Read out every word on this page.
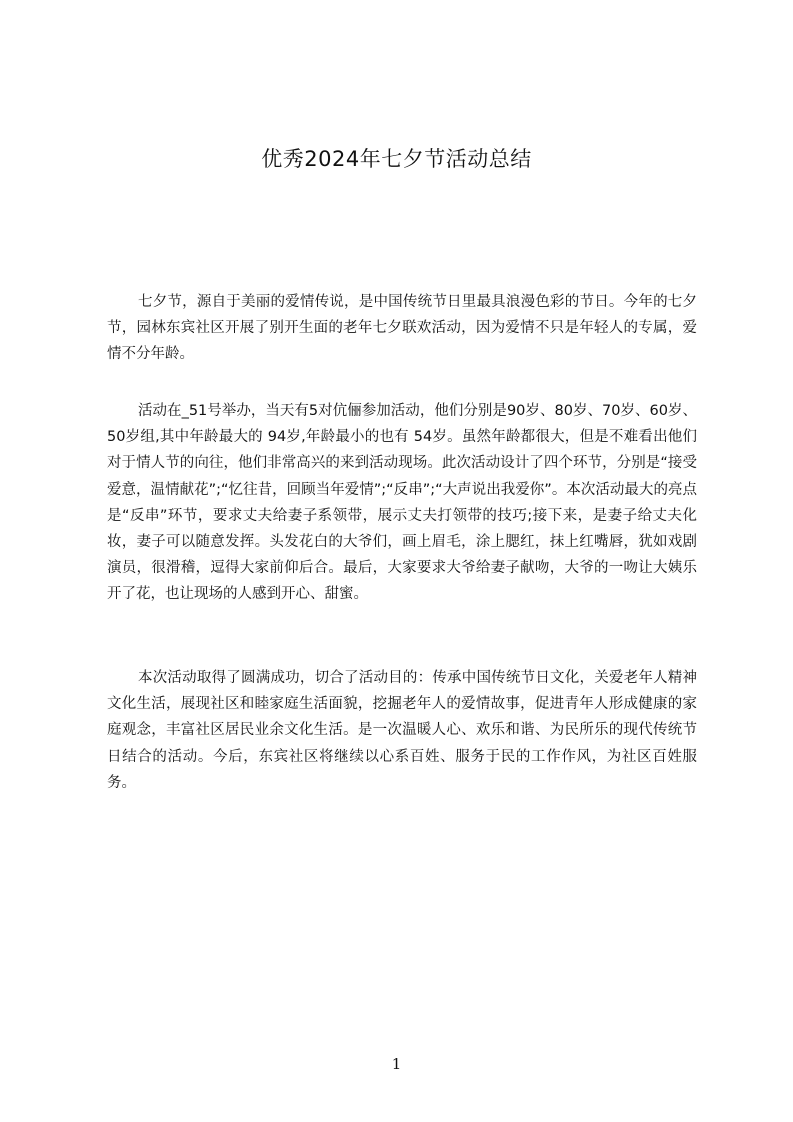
优秀2024年七夕节活动总结

七夕节，源自于美丽的爱情传说，是中国传统节日里最具浪漫色彩的节日。今年的七夕节，园林东宾社区开展了别开生面的老年七夕联欢活动，因为爱情不只是年轻人的专属，爱情不分年龄。

活动在_51号举办，当天有5对伉俪参加活动，他们分别是90岁、80岁、70岁、60岁、50岁组,其中年龄最大的 94岁,年龄最小的也有 54岁。虽然年龄都很大，但是不难看出他们对于情人节的向往，他们非常高兴的来到活动现场。此次活动设计了四个环节，分别是“接受爱意，温情献花”;“忆往昔，回顾当年爱情”;“反串”;“大声说出我爱你”。本次活动最大的亮点是“反串”环节，要求丈夫给妻子系领带，展示丈夫打领带的技巧;接下来，是妻子给丈夫化妆，妻子可以随意发挥。头发花白的大爷们，画上眉毛，涂上腮红，抹上红嘴唇，犹如戏剧演员，很滑稽，逗得大家前仰后合。最后，大家要求大爷给妻子献吻，大爷的一吻让大姨乐开了花，也让现场的人感到开心、甜蜜。

本次活动取得了圆满成功，切合了活动目的：传承中国传统节日文化，关爱老年人精神文化生活，展现社区和睦家庭生活面貌，挖掘老年人的爱情故事，促进青年人形成健康的家庭观念，丰富社区居民业余文化生活。是一次温暖人心、欢乐和谐、为民所乐的现代传统节日结合的活动。今后，东宾社区将继续以心系百姓、服务于民的工作作风，为社区百姓服务。

1
